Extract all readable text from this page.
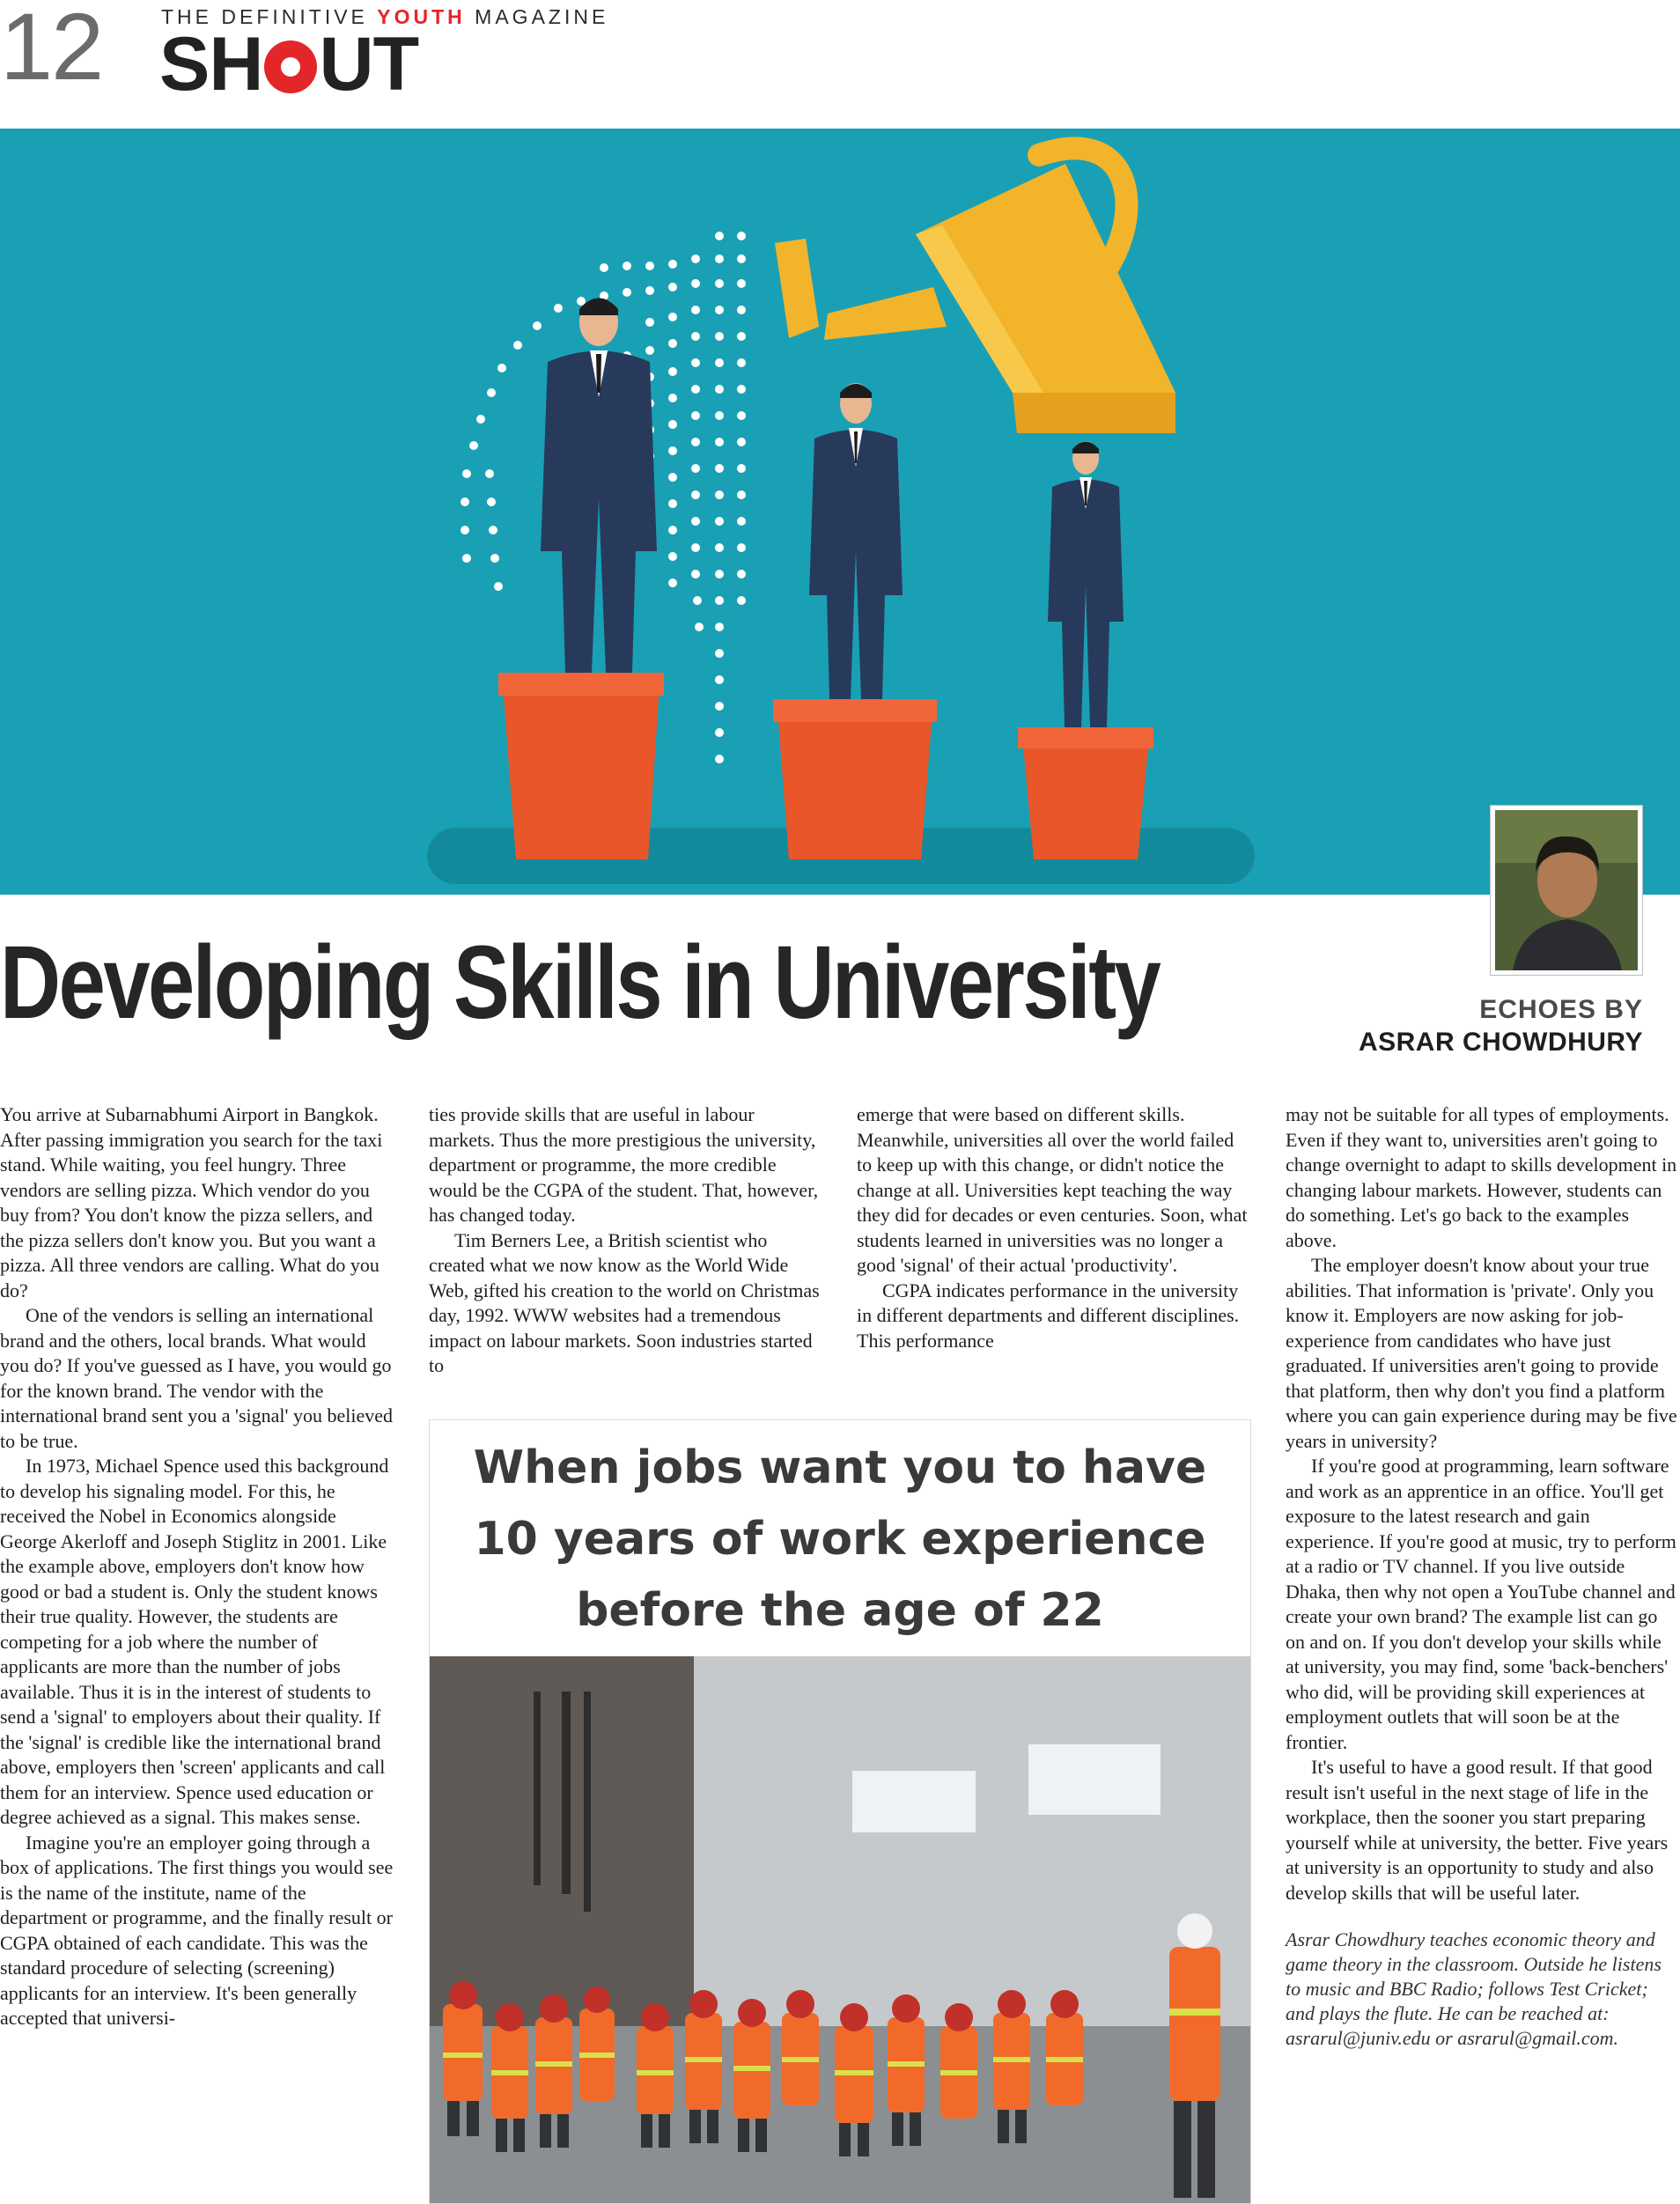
12	THE DEFINITIVE YOUTH MAGAZINE
SH UT
Developing Skills in University	ECHOES BY
ASRAR CHOWDHURY

You arrive at Subarnabhumi Airport in Bangkok. After passing immigration you search for the taxi stand. While waiting, you feel hungry. Three vendors are selling pizza. Which vendor do you buy from? You don't know the pizza sellers, and the pizza sellers don't know you. But you want a pizza. All three vendors are calling. What do you do?

One of the vendors is selling an international brand and the others, local brands. What would you do? If you've guessed as I have, you would go for the known brand. The vendor with the international brand sent you a 'signal' you believed to be true.

In 1973, Michael Spence used this background to develop his signaling model. For this, he received the Nobel in Economics alongside George Akerloff and Joseph Stiglitz in 2001. Like the example above, employers don't know how good or bad a student is. Only the student knows their true quality. However, the students are competing for a job where the number of applicants are more than the number of jobs available. Thus it is in the interest of students to send a 'signal' to employers about their quality. If the 'signal' is credible like the international brand above, employers then 'screen' applicants and call them for an interview. Spence used education or degree achieved as a signal. This makes sense.

Imagine you're an employer going through a box of applications. The first things you would see is the name of the institute, name of the department or programme, and the finally result or CGPA obtained of each candidate. This was the standard procedure of selecting (screening) applicants for an interview. It's been generally accepted that universi-

ties provide skills that are useful in labour markets. Thus the more prestigious the university, department or programme, the more credible would be the CGPA of the student. That, however, has changed today.

Tim Berners Lee, a British scientist who created what we now know as the World Wide Web, gifted his creation to the world on Christmas day, 1992. WWW websites had a tremendous impact on labour markets. Soon industries started to

emerge that were based on different skills. Meanwhile, universities all over the world failed to keep up with this change, or didn't notice the change at all. Universities kept teaching the way they did for decades or even centuries. Soon, what students learned in universities was no longer a good 'signal' of their actual 'productivity'.

CGPA indicates performance in the university in different departments and different disciplines. This performance

may not be suitable for all types of employments. Even if they want to, universities aren't going to change overnight to adapt to skills development in changing labour markets. However, students can do something. Let's go back to the examples above.

The employer doesn't know about your true abilities. That information is 'private'. Only you know it. Employers are now asking for job-experience from candidates who have just graduated. If universities aren't going to provide that platform, then why don't you find a platform where you can gain experience during may be five years in university?

If you're good at programming, learn software and work as an apprentice in an office. You'll get exposure to the latest research and gain experience. If you're good at music, try to perform at a radio or TV channel. If you live outside Dhaka, then why not open a YouTube channel and create your own brand? The example list can go on and on. If you don't develop your skills while at university, you may find, some 'back-benchers' who did, will be providing skill experiences at employment outlets that will soon be at the frontier.

It's useful to have a good result. If that good result isn't useful in the next stage of life in the workplace, then the sooner you start preparing yourself while at university, the better. Five years at university is an opportunity to study and also develop skills that will be useful later.

Asrar Chowdhury teaches economic theory and game theory in the classroom. Outside he listens to music and BBC Radio; follows Test Cricket; and plays the flute. He can be reached at: asrarul@juniv.edu or asrarul@gmail.com.

When jobs want you to have
10 years of work experience
before the age of 22
